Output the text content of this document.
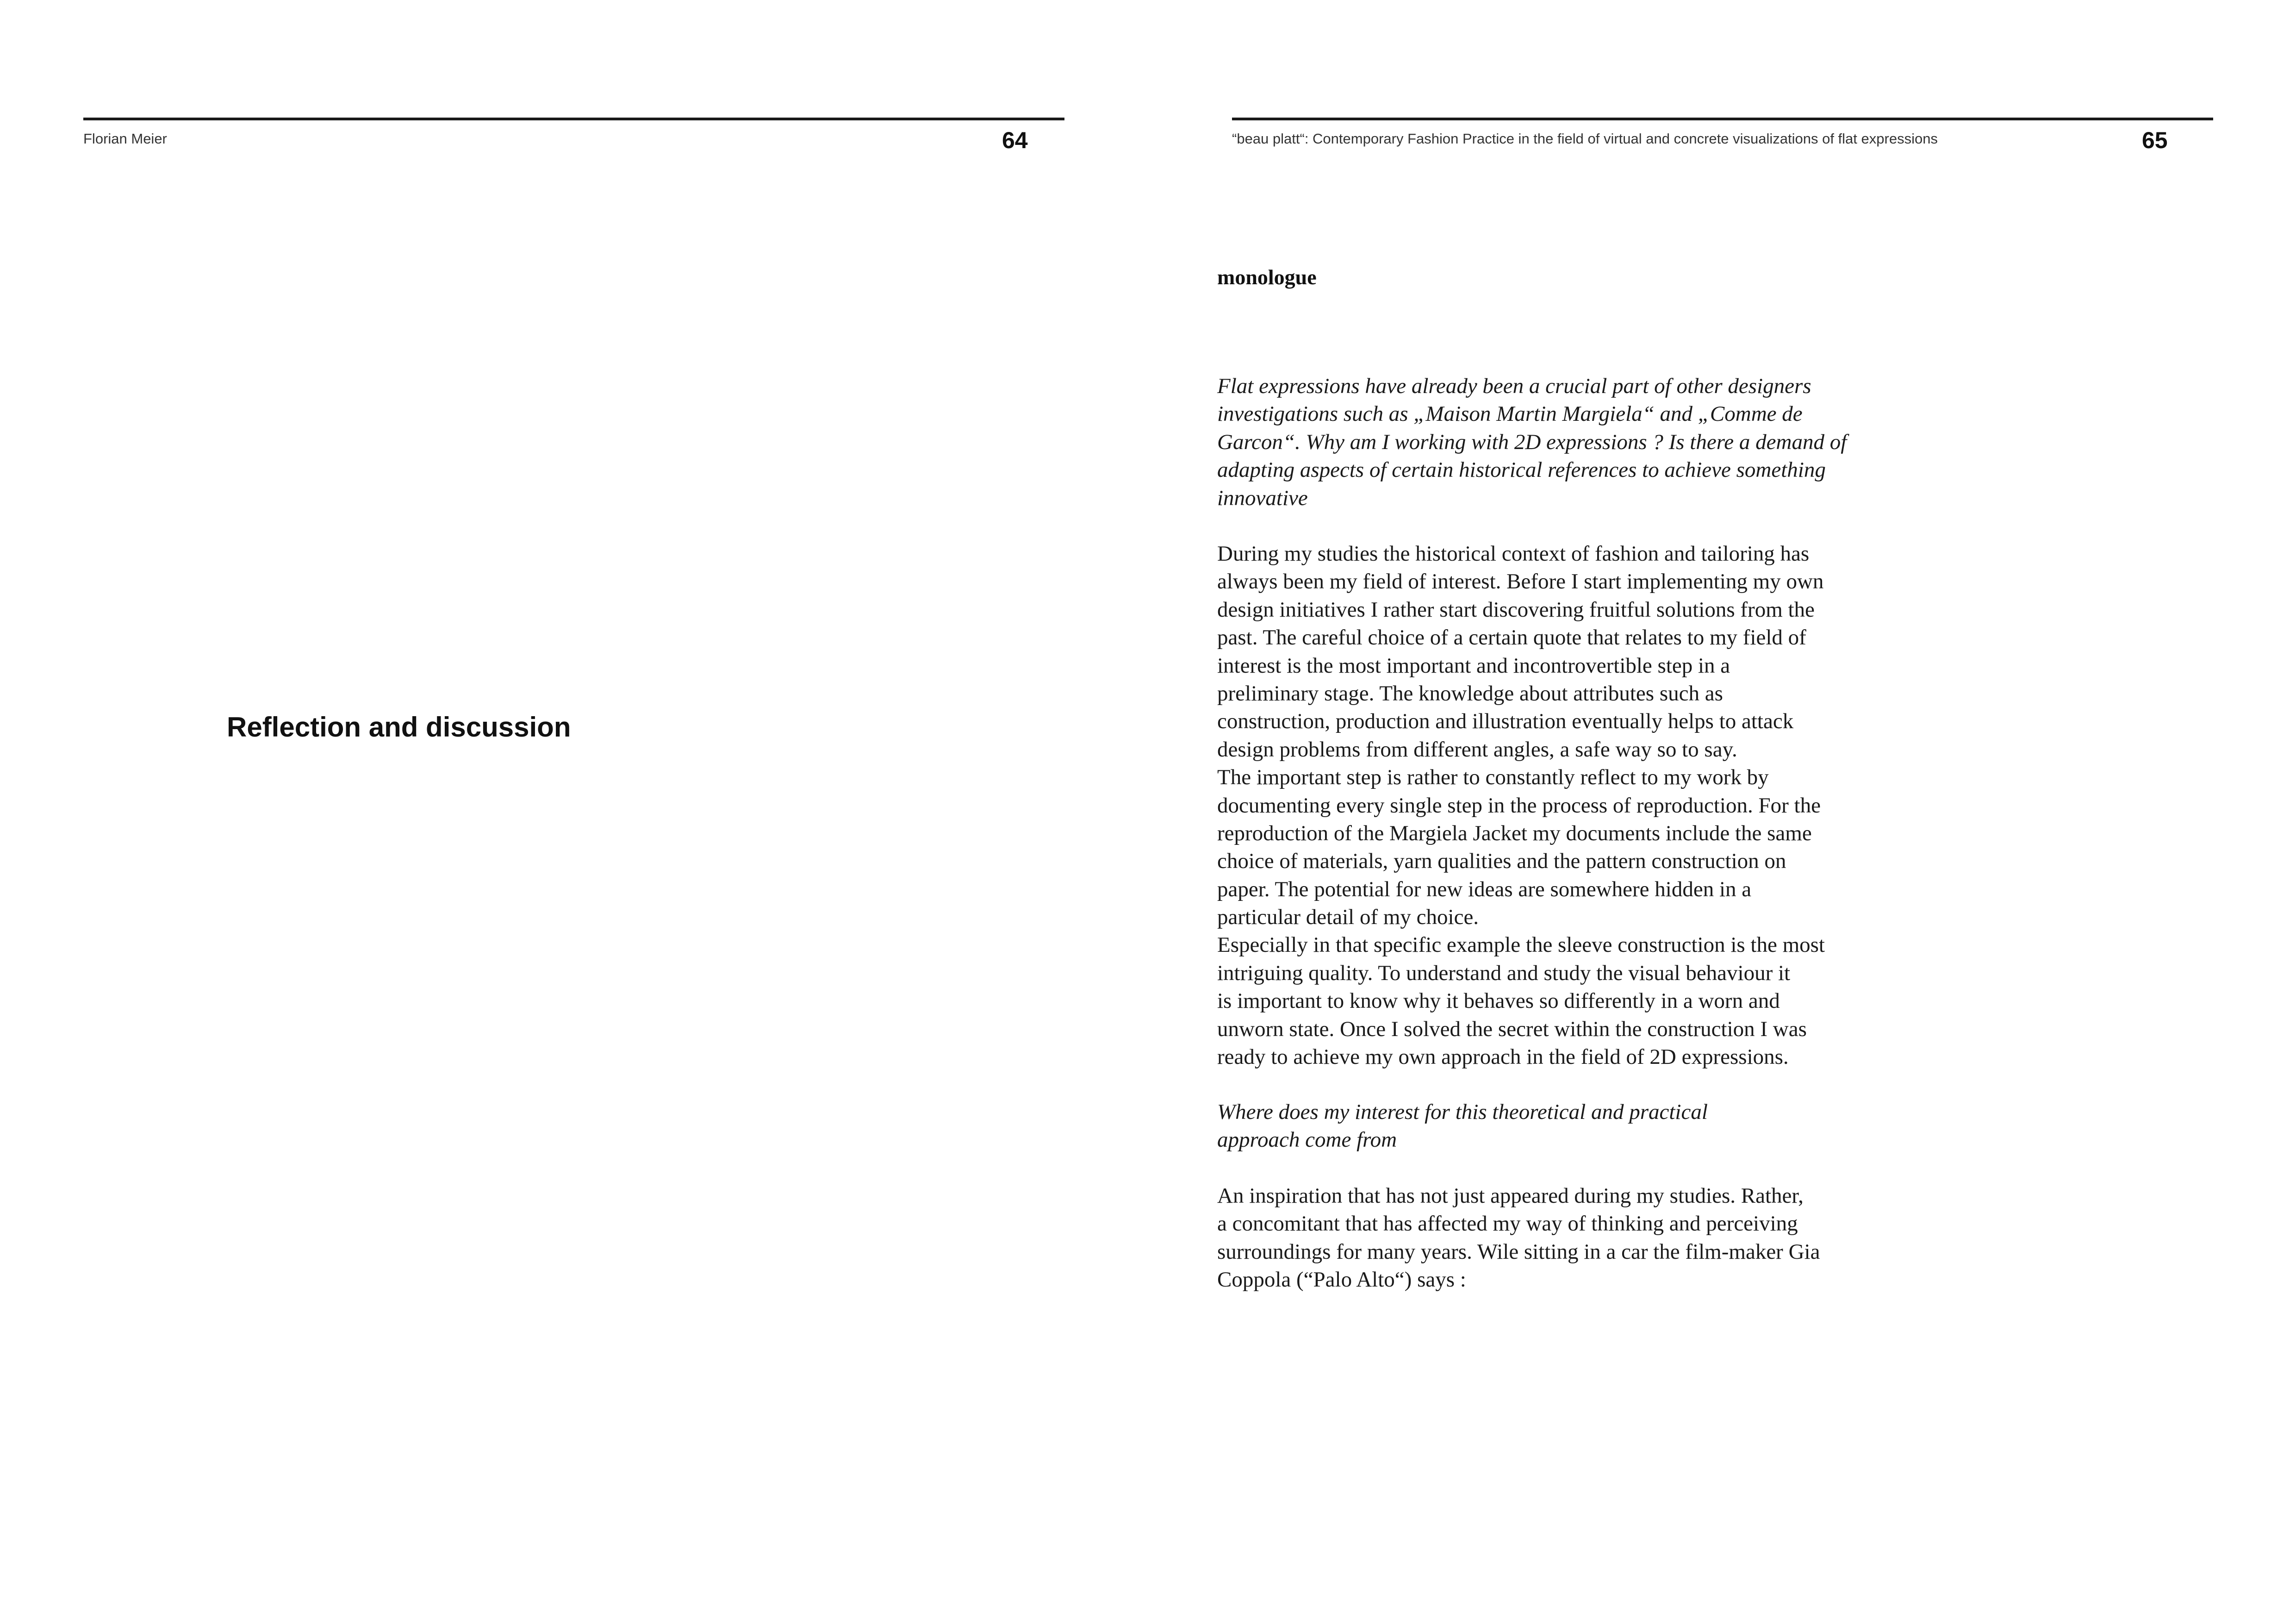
Florian Meier	64
Reflection and discussion
“beau platt“: Contemporary Fashion Practice in the field of virtual and concrete visualizations of flat expressions	65
monologue
Flat expressions have already been a crucial part of other designers
investigations such as „Maison Martin Margiela“ and „Comme de
Garcon“. Why am I working with 2D expressions ? Is there a demand of
adapting aspects of certain historical references to achieve something
innovative
During my studies the historical context of fashion and tailoring has
always been my field of interest. Before I start implementing my own
design initiatives I rather start discovering fruitful solutions from the
past. The careful choice of a certain quote that relates to my field of
interest is the most important and incontrovertible step in a
preliminary stage. The knowledge about attributes such as
construction, production and illustration eventually helps to attack
design problems from different angles, a safe way so to say.
The important step is rather to constantly reflect to my work by
documenting every single step in the process of reproduction. For the
reproduction of the Margiela Jacket my documents include the same
choice of materials, yarn qualities and the pattern construction on
paper. The potential for new ideas are somewhere hidden in a
particular detail of my choice.
Especially in that specific example the sleeve construction is the most
intriguing quality. To understand and study the visual behaviour it
is important to know why it behaves so differently in a worn and
unworn state. Once I solved the secret within the construction I was
ready to achieve my own approach in the field of 2D expressions.
Where does my interest for this theoretical and practical
approach come from
An inspiration that has not just appeared during my studies. Rather,
a concomitant that has affected my way of thinking and perceiving
surroundings for many years. Wile sitting in a car the film-maker Gia
Coppola (“Palo Alto“) says :
